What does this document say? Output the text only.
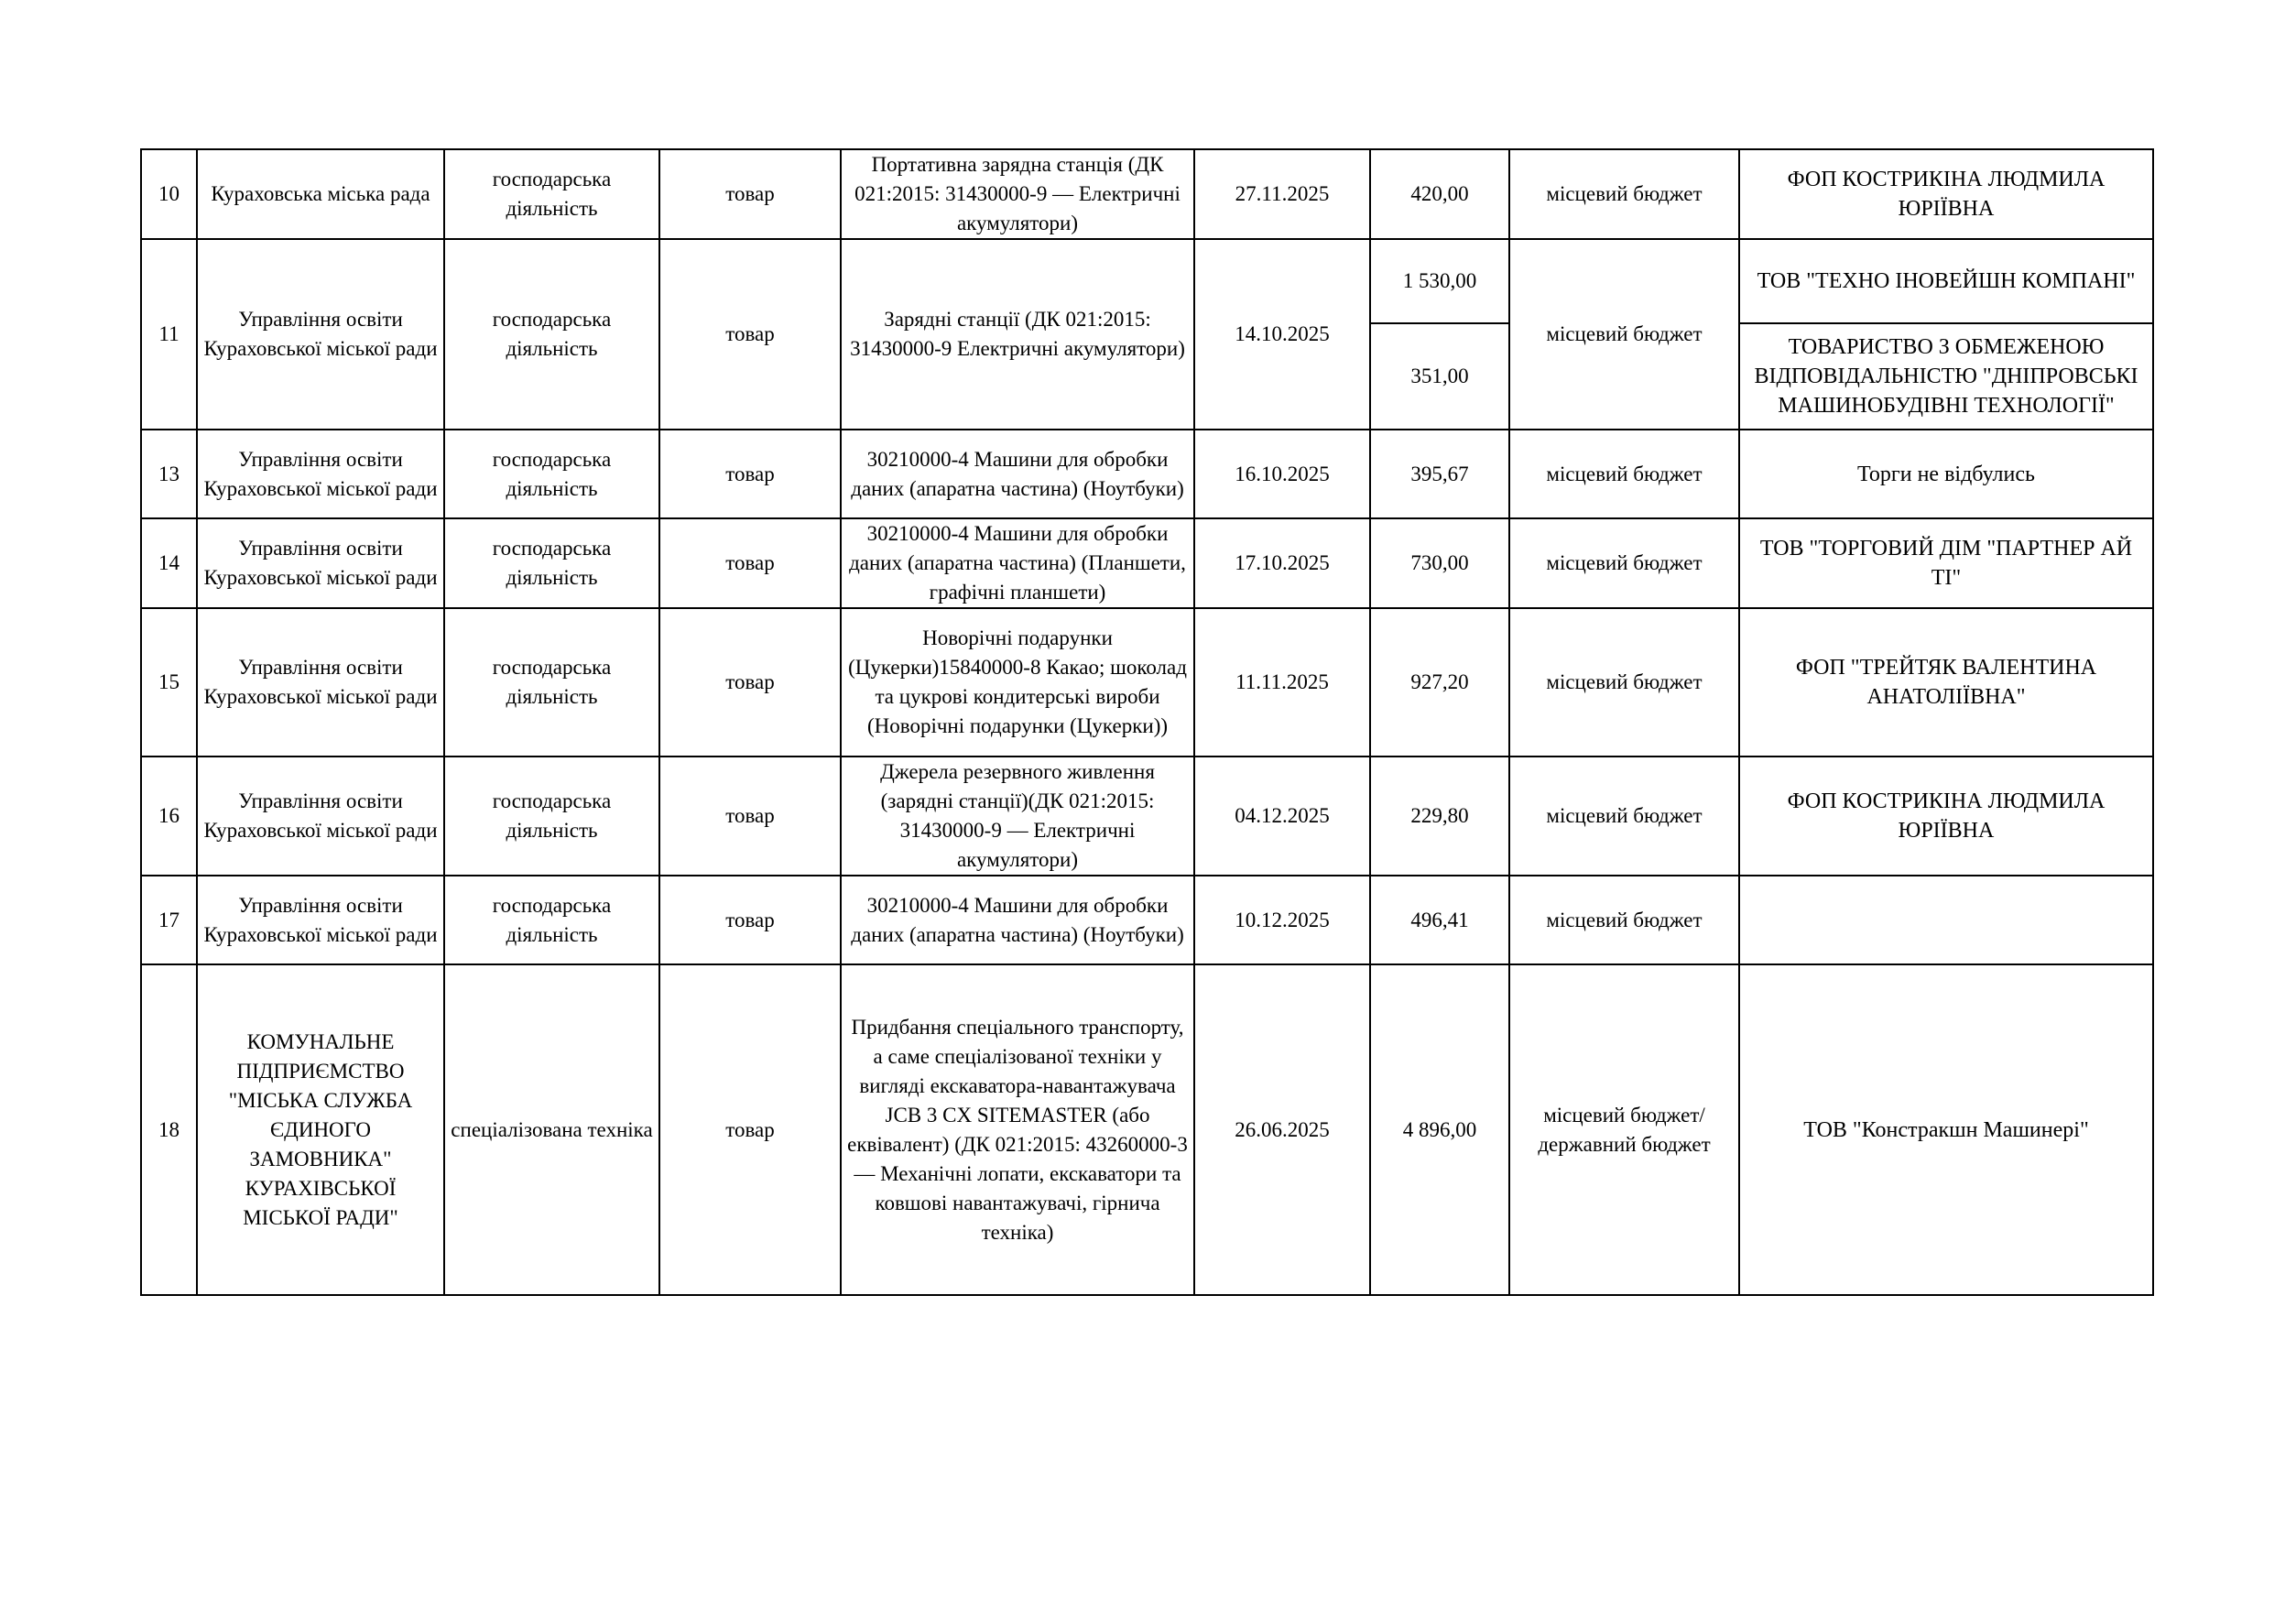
10	Кураховська міська рада	господарська діяльність	товар	Портативна зарядна станція (ДК 021:2015: 31430000-9 — Електричні акумулятори)	27.11.2025	420,00	місцевий бюджет	ФОП КОСТРИКІНА ЛЮДМИЛА ЮРІЇВНА
11	Управління освіти Кураховської міської ради	господарська діяльність	товар	Зарядні станції (ДК 021:2015: 31430000-9 Електричні акумулятори)	14.10.2025	1 530,00	місцевий бюджет	ТОВ "ТЕХНО ІНОВЕЙШН КОМПАНІ"
						351,00		ТОВАРИСТВО З ОБМЕЖЕНОЮ ВІДПОВІДАЛЬНІСТЮ "ДНІПРОВСЬКІ МАШИНОБУДІВНІ ТЕХНОЛОГІЇ"
13	Управління освіти Кураховської міської ради	господарська діяльність	товар	30210000-4 Машини для обробки даних (апаратна частина) (Ноутбуки)	16.10.2025	395,67	місцевий бюджет	Торги не відбулись
14	Управління освіти Кураховської міської ради	господарська діяльність	товар	30210000-4 Машини для обробки даних (апаратна частина) (Планшети, графічні планшети)	17.10.2025	730,00	місцевий бюджет	ТОВ "ТОРГОВИЙ ДІМ "ПАРТНЕР АЙ ТІ"
15	Управління освіти Кураховської міської ради	господарська діяльність	товар	Новорічні подарунки (Цукерки)15840000-8 Какао; шоколад та цукрові кондитерські вироби (Новорічні подарунки (Цукерки))	11.11.2025	927,20	місцевий бюджет	ФОП "ТРЕЙТЯК ВАЛЕНТИНА АНАТОЛІЇВНА"
16	Управління освіти Кураховської міської ради	господарська діяльність	товар	Джерела резервного живлення (зарядні станції)(ДК 021:2015: 31430000-9 — Електричні акумулятори)	04.12.2025	229,80	місцевий бюджет	ФОП КОСТРИКІНА ЛЮДМИЛА ЮРІЇВНА
17	Управління освіти Кураховської міської ради	господарська діяльність	товар	30210000-4 Машини для обробки даних (апаратна частина) (Ноутбуки)	10.12.2025	496,41	місцевий бюджет	
18	КОМУНАЛЬНЕ ПІДПРИЄМСТВО "МІСЬКА СЛУЖБА ЄДИНОГО ЗАМОВНИКА" КУРАХІВСЬКОЇ МІСЬКОЇ РАДИ"	спеціалізована техніка	товар	Придбання спеціального транспорту, а саме спеціалізованої техніки у вигляді екскаватора-навантажувача JCB 3 CX SITEMASTER (або еквівалент) (ДК 021:2015: 43260000-3 — Механічні лопати, екскаватори та ковшові навантажувачі, гірнича техніка)	26.06.2025	4 896,00	місцевий бюджет/державний бюджет	ТОВ "Констракшн Машинері"
